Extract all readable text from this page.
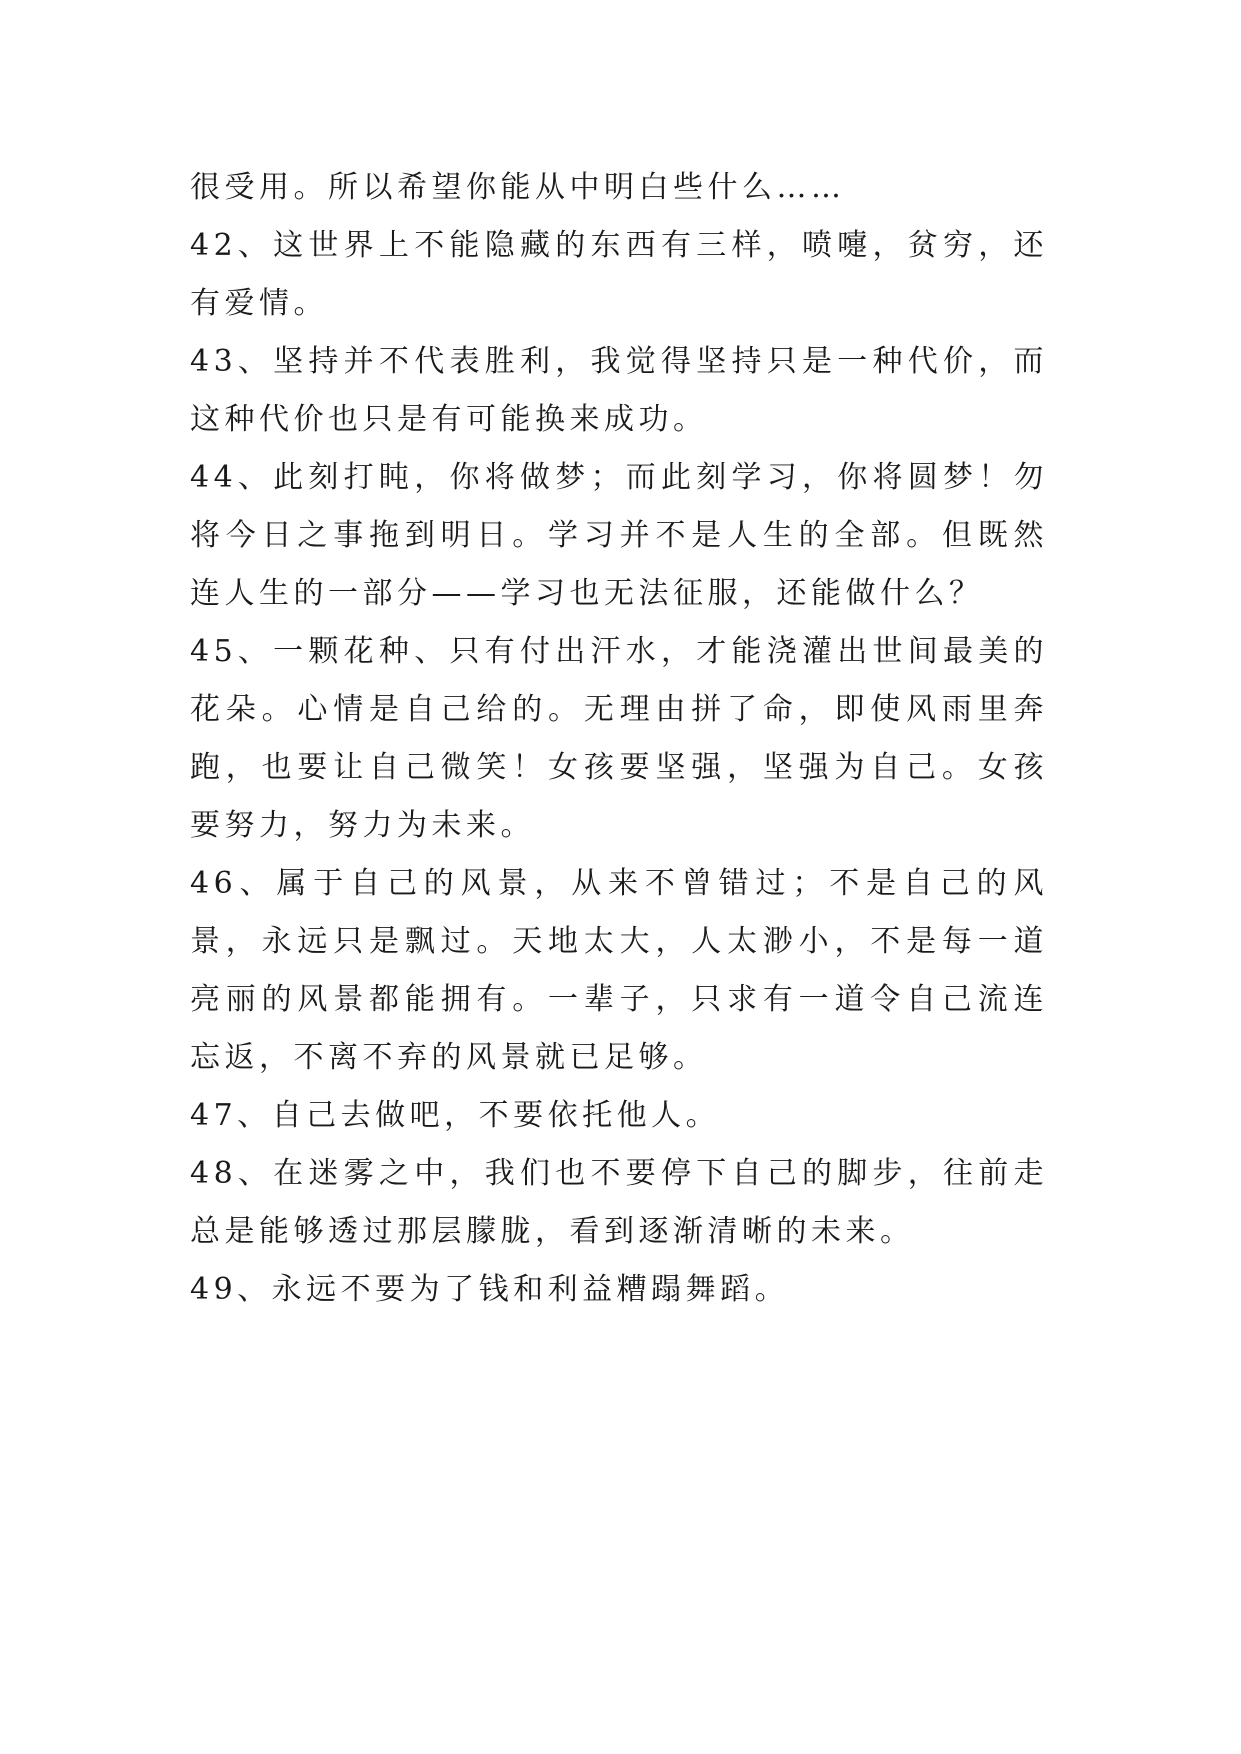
很受用。所以希望你能从中明白些什么……

42、这世界上不能隐藏的东西有三样，喷嚏，贫穷，还有爱情。

43、坚持并不代表胜利，我觉得坚持只是一种代价，而这种代价也只是有可能换来成功。

44、此刻打盹，你将做梦；而此刻学习，你将圆梦！勿将今日之事拖到明日。学习并不是人生的全部。但既然连人生的一部分——学习也无法征服，还能做什么？

45、一颗花种、只有付出汗水，才能浇灌出世间最美的花朵。心情是自己给的。无理由拼了命，即使风雨里奔跑，也要让自己微笑！女孩要坚强，坚强为自己。女孩要努力，努力为未来。

46、属于自己的风景，从来不曾错过；不是自己的风景，永远只是飘过。天地太大，人太渺小，不是每一道亮丽的风景都能拥有。一辈子，只求有一道令自己流连忘返，不离不弃的风景就已足够。

47、自己去做吧，不要依托他人。

48、在迷雾之中，我们也不要停下自己的脚步，往前走总是能够透过那层朦胧，看到逐渐清晰的未来。

49、永远不要为了钱和利益糟蹋舞蹈。
